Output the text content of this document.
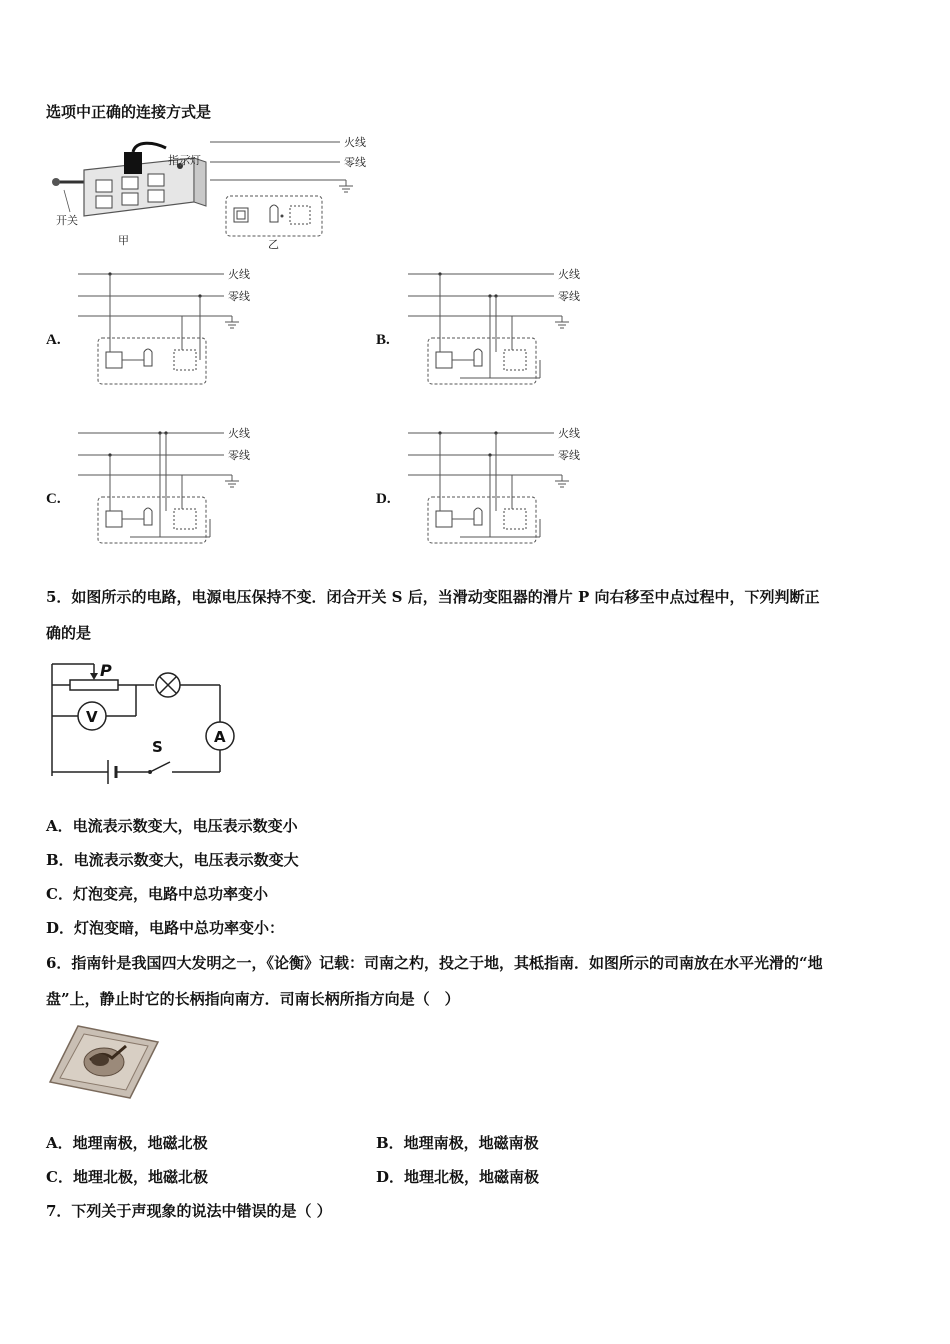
选项中正确的连接方式是
指示灯
开关
甲
火线
零线
乙
A.
火线
零线
B.
火线
零线
C.
火线
零线
D.
火线
零线
5．如图所示的电路，电源电压保持不变．闭合开关 S 后，当滑动变阻器的滑片 P 向右移至中点过程中，下列判断正
确的是
P
A
V
S
A．电流表示数变大，电压表示数变小
B．电流表示数变大，电压表示数变大
C．灯泡变亮，电路中总功率变小
D．灯泡变暗，电路中总功率变小：
6．指南针是我国四大发明之一，《论衡》记载：司南之杓，投之于地，其柢指南．如图所示的司南放在水平光滑的“地
盘”上，静止时它的长柄指向南方．司南长柄所指方向是（　）
A．地理南极，地磁北极	B．地理南极，地磁南极
C．地理北极，地磁北极	D．地理北极，地磁南极
7．下列关于声现象的说法中错误的是（ ）
